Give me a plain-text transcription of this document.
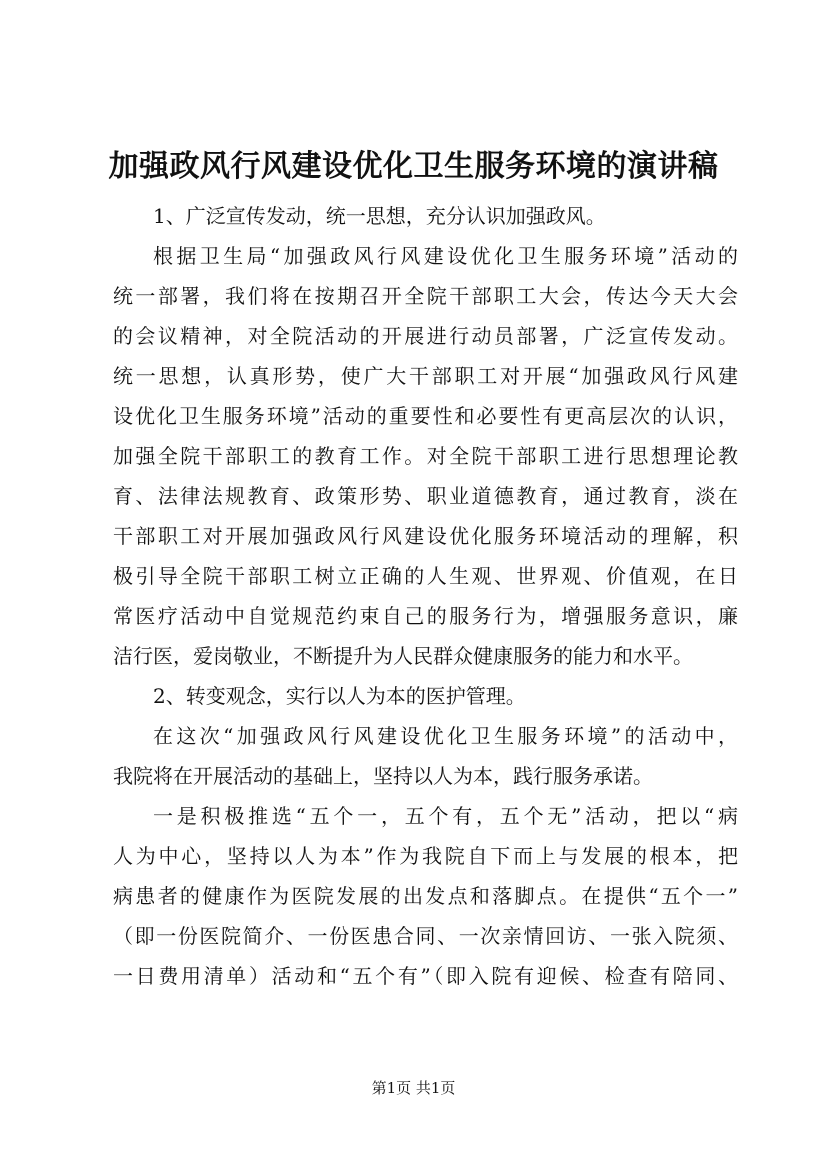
加强政风行风建设优化卫生服务环境的演讲稿
1、广泛宣传发动，统一思想，充分认识加强政风。
根据卫生局“加强政风行风建设优化卫生服务环境”活动的
统一部署，我们将在按期召开全院干部职工大会，传达今天大会
的会议精神，对全院活动的开展进行动员部署，广泛宣传发动。
统一思想，认真形势，使广大干部职工对开展“加强政风行风建
设优化卫生服务环境”活动的重要性和必要性有更高层次的认识，
加强全院干部职工的教育工作。对全院干部职工进行思想理论教
育、法律法规教育、政策形势、职业道德教育，通过教育，淡在
干部职工对开展加强政风行风建设优化服务环境活动的理解，积
极引导全院干部职工树立正确的人生观、世界观、价值观，在日
常医疗活动中自觉规范约束自己的服务行为，增强服务意识，廉
洁行医，爱岗敬业，不断提升为人民群众健康服务的能力和水平。
2、转变观念，实行以人为本的医护管理。
在这次“加强政风行风建设优化卫生服务环境”的活动中，
我院将在开展活动的基础上，坚持以人为本，践行服务承诺。
一是积极推选“五个一，五个有，五个无”活动，把以“病
人为中心，坚持以人为本”作为我院自下而上与发展的根本，把
病患者的健康作为医院发展的出发点和落脚点。在提供“五个一”
（即一份医院简介、一份医患合同、一次亲情回访、一张入院须、
一日费用清单）活动和“五个有”（即入院有迎候、检查有陪同、
第1页 共1页
